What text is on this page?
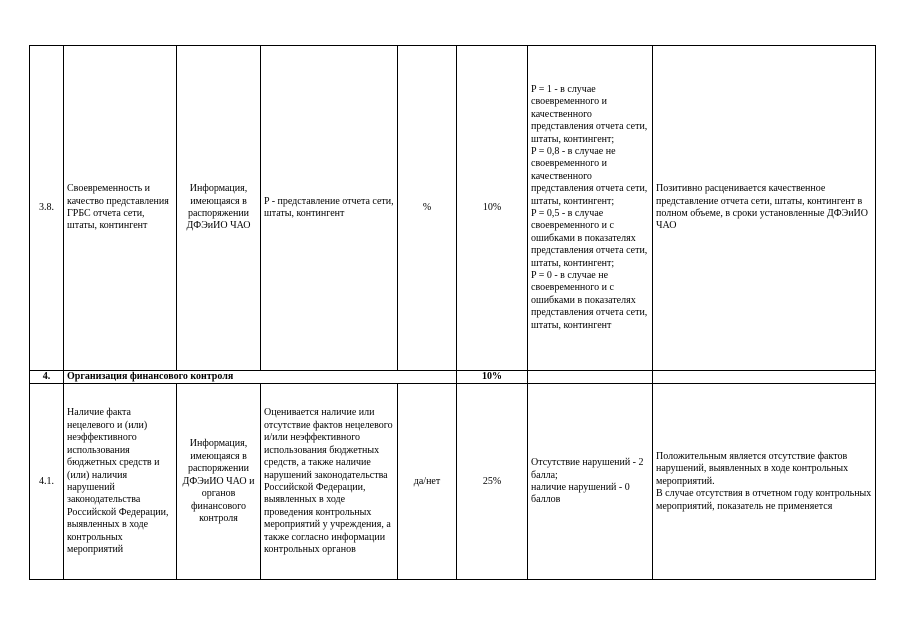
3.8.	Своевременность и качество представления ГРБС отчета сети, штаты, контингент	Информация, имеющаяся в распоряжении ДФЭиИО ЧАО	P - представление отчета сети, штаты, контингент	%	10%	P = 1 - в случае своевременного и качественного представления отчета сети, штаты, контингент;
P = 0,8 - в случае не своевременного и качественного представления отчета сети, штаты, контингент;
P = 0,5 - в случае своевременного и с ошибками в показателях представления отчета сети, штаты, контингент;
P = 0 - в случае не своевременного и с ошибками в показателях представления отчета сети, штаты, контингент	Позитивно расценивается качественное представление отчета сети, штаты, контингент в полном объеме, в сроки установленные ДФЭиИО ЧАО

4.	Организация финансового контроля				10%		
4.1.	Наличие факта нецелевого и (или) неэффективного использования бюджетных средств и (или) наличия нарушений законодательства Российской Федерации, выявленных в ходе контрольных мероприятий	Информация, имеющаяся в распоряжении ДФЭиИО ЧАО и органов финансового контроля	Оценивается наличие или отсутствие фактов нецелевого и/или неэффективного использования бюджетных средств, а также наличие нарушений законодательства Российской Федерации, выявленных в ходе проведения контрольных мероприятий у учреждения, а также согласно информации контрольных органов	да/нет	25%	Отсутствие нарушений - 2 балла;
наличие нарушений - 0 баллов	Положительным является отсутствие фактов нарушений, выявленных в ходе контрольных мероприятий.
В случае отсутствия в отчетном году контрольных мероприятий, показатель не применяется
